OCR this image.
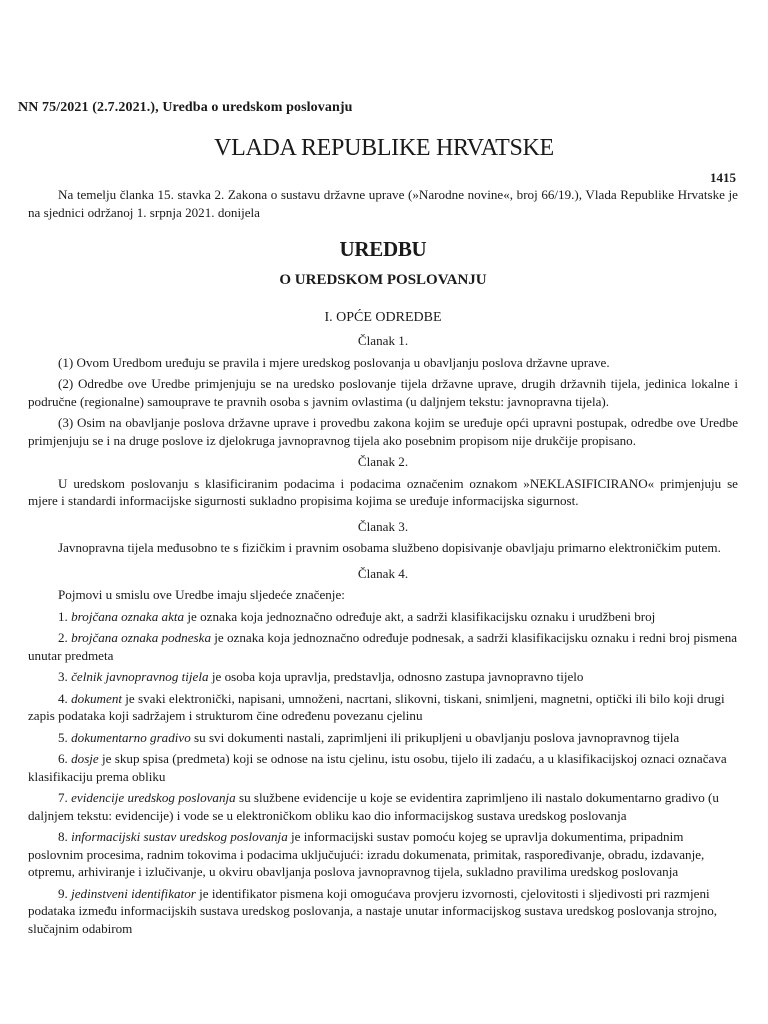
NN 75/2021 (2.7.2021.), Uredba o uredskom poslovanju
VLADA REPUBLIKE HRVATSKE
1415

Na temelju članka 15. stavka 2. Zakona o sustavu državne uprave (»Narodne novine«, broj 66/19.), Vlada Republike Hrvatske je na sjednici održanoj 1. srpnja 2021. donijela

UREDBU
O UREDSKOM POSLOVANJU
I. OPĆE ODREDBE
Članak 1.

(1) Ovom Uredbom uređuju se pravila i mjere uredskog poslovanja u obavljanju poslova državne uprave.

(2) Odredbe ove Uredbe primjenjuju se na uredsko poslovanje tijela državne uprave, drugih državnih tijela, jedinica lokalne i područne (regionalne) samouprave te pravnih osoba s javnim ovlastima (u daljnjem tekstu: javnopravna tijela).

(3) Osim na obavljanje poslova državne uprave i provedbu zakona kojim se uređuje opći upravni postupak, odredbe ove Uredbe primjenjuju se i na druge poslove iz djelokruga javnopravnog tijela ako posebnim propisom nije drukčije propisano.

Članak 2.

U uredskom poslovanju s klasificiranim podacima i podacima označenim oznakom »NEKLASIFICIRANO« primjenjuju se mjere i standardi informacijske sigurnosti sukladno propisima kojima se uređuje informacijska sigurnost.

Članak 3.

Javnopravna tijela međusobno te s fizičkim i pravnim osobama službeno dopisivanje obavljaju primarno elektroničkim putem.

Članak 4.

Pojmovi u smislu ove Uredbe imaju sljedeće značenje:

1. brojčana oznaka akta je oznaka koja jednoznačno određuje akt, a sadrži klasifikacijsku oznaku i urudžbeni broj

2. brojčana oznaka podneska je oznaka koja jednoznačno određuje podnesak, a sadrži klasifikacijsku oznaku i redni broj pismena unutar predmeta

3. čelnik javnopravnog tijela je osoba koja upravlja, predstavlja, odnosno zastupa javnopravno tijelo

4. dokument je svaki elektronički, napisani, umnoženi, nacrtani, slikovni, tiskani, snimljeni, magnetni, optički ili bilo koji drugi zapis podataka koji sadržajem i strukturom čine određenu povezanu cjelinu

5. dokumentarno gradivo su svi dokumenti nastali, zaprimljeni ili prikupljeni u obavljanju poslova javnopravnog tijela

6. dosje je skup spisa (predmeta) koji se odnose na istu cjelinu, istu osobu, tijelo ili zadaću, a u klasifikacijskoj oznaci označava klasifikaciju prema obliku

7. evidencije uredskog poslovanja su službene evidencije u koje se evidentira zaprimljeno ili nastalo dokumentarno gradivo (u daljnjem tekstu: evidencije) i vode se u elektroničkom obliku kao dio informacijskog sustava uredskog poslovanja

8. informacijski sustav uredskog poslovanja je informacijski sustav pomoću kojeg se upravlja dokumentima, pripadnim poslovnim procesima, radnim tokovima i podacima uključujući: izradu dokumenata, primitak, raspoređivanje, obradu, izdavanje, otpremu, arhiviranje i izlučivanje, u okviru obavljanja poslova javnopravnog tijela, sukladno pravilima uredskog poslovanja

9. jedinstveni identifikator je identifikator pismena koji omogućava provjeru izvornosti, cjelovitosti i sljedivosti pri razmjeni podataka između informacijskih sustava uredskog poslovanja, a nastaje unutar informacijskog sustava uredskog poslovanja strojno, slučajnim odabirom
